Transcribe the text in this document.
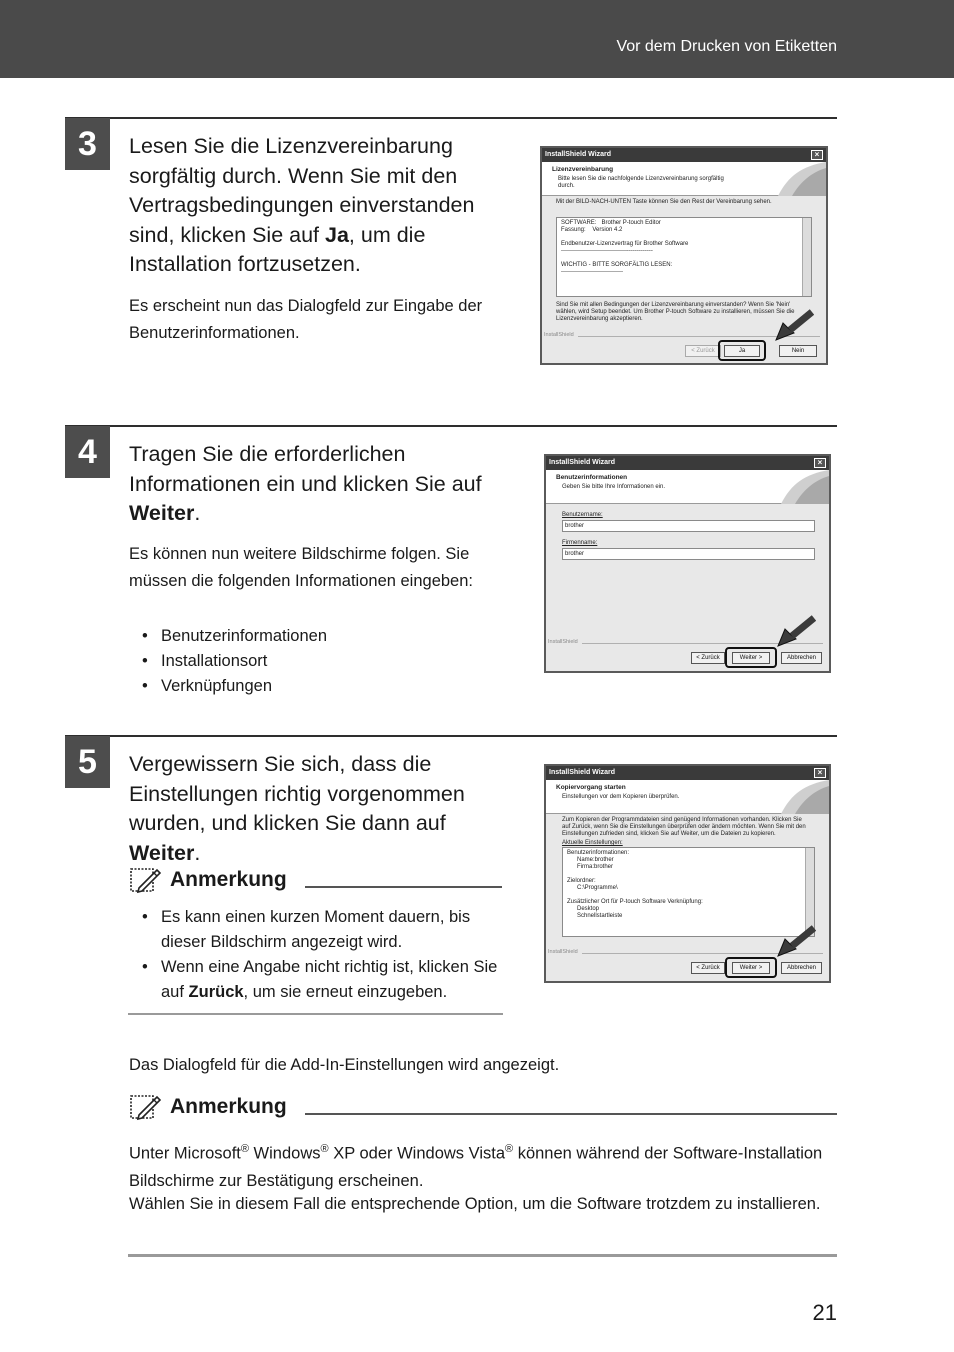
Vor dem Drucken von Etiketten
3	Lesen Sie die Lizenzvereinbarung sorgfältig durch. Wenn Sie mit den Vertragsbedingungen einverstanden sind, klicken Sie auf Ja, um die Installation fortzusetzen.
Es erscheint nun das Dialogfeld zur Eingabe der Benutzerinformationen.
InstallShield Wizard	×
Lizenzvereinbarung
Bitte lesen Sie die nachfolgende Lizenzvereinbarung sorgfältig durch.
Mit der BILD-NACH-UNTEN Taste können Sie den Rest der Vereinbarung sehen.
SOFTWARE:   Brother P-touch Editor
Fassung:    Version 4.2
Endbenutzer-Lizenzvertrag für Brother Software
----------------------------------------------
WICHTIG - BITTE SORGFÄLTIG LESEN:
-------------------------------
Sind Sie mit allen Bedingungen der Lizenzvereinbarung einverstanden? Wenn Sie 'Nein' wählen, wird Setup beendet. Um Brother P-touch Software zu installieren, müssen Sie die Lizenzvereinbarung akzeptieren.
InstallShield
< Zurück	Ja	Nein
4	Tragen Sie die erforderlichen Informationen ein und klicken Sie auf Weiter.
Es können nun weitere Bildschirme folgen. Sie müssen die folgenden Informationen eingeben:
• Benutzerinformationen
• Installationsort
• Verknüpfungen
InstallShield Wizard	×
Benutzerinformationen
Geben Sie bitte Ihre Informationen ein.
Benutzername:
brother
Firmenname:
brother
InstallShield
< Zurück	Weiter >	Abbrechen
5	Vergewissern Sie sich, dass die Einstellungen richtig vorgenommen wurden, und klicken Sie dann auf Weiter.
Anmerkung
• Es kann einen kurzen Moment dauern, bis dieser Bildschirm angezeigt wird.
• Wenn eine Angabe nicht richtig ist, klicken Sie auf Zurück, um sie erneut einzugeben.
InstallShield Wizard	×
Kopiervorgang starten
Einstellungen vor dem Kopieren überprüfen.
Zum Kopieren der Programmdateien sind genügend Informationen vorhanden. Klicken Sie auf Zurück, wenn Sie die Einstellungen überprüfen oder ändern möchten. Wenn Sie mit den Einstellungen zufrieden sind, klicken Sie auf Weiter, um die Dateien zu kopieren.
Aktuelle Einstellungen:
Benutzerinformationen:
Name:brother
Firma:brother
Zielordner:
C:\Programme\
Zusätzlicher Ort für P-touch Software Verknüpfung:
Desktop
Schnellstartleiste
InstallShield
< Zurück	Weiter >	Abbrechen
Das Dialogfeld für die Add-In-Einstellungen wird angezeigt.
Anmerkung
Unter Microsoft® Windows® XP oder Windows Vista® können während der Software-Installation Bildschirme zur Bestätigung erscheinen.
Wählen Sie in diesem Fall die entsprechende Option, um die Software trotzdem zu installieren.
21
